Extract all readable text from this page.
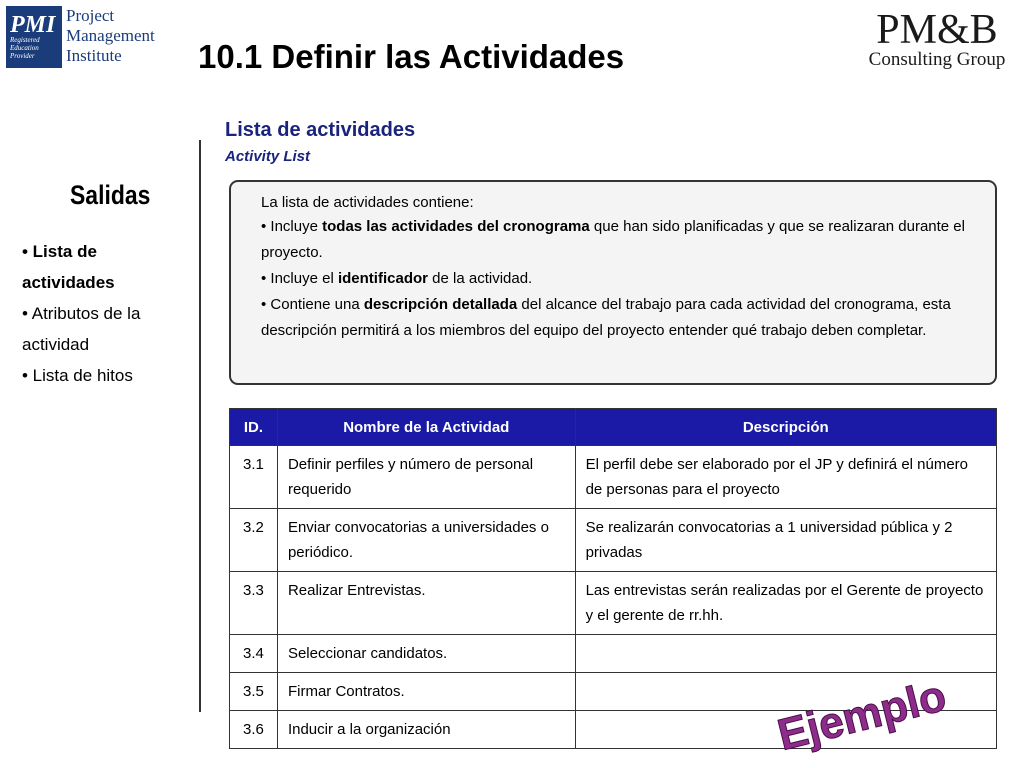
PMI
Registered
Education
Provider
Project
Management
Institute
PM&B
Consulting Group
10.1 Definir las Actividades
Lista de actividades
Activity List
Salidas
• Lista de actividades
• Atributos de la actividad
• Lista de hitos

La lista de actividades contiene:

• Incluye todas las actividades del cronograma que han sido planificadas y que se realizaran durante el proyecto.

• Incluye el identificador de la actividad.

• Contiene una descripción detallada del alcance del trabajo para cada actividad del cronograma, esta descripción permitirá a los miembros del equipo del proyecto entender qué trabajo deben completar.

ID.	Nombre de la Actividad	Descripción
3.1	Definir perfiles y número de personal requerido	El perfil debe ser elaborado por el JP y definirá el número de personas para el proyecto
3.2	Enviar convocatorias a universidades o periódico.	Se realizarán convocatorias a 1 universidad pública y 2 privadas
3.3	Realizar Entrevistas.	Las entrevistas serán realizadas por el Gerente de proyecto y el gerente de rr.hh.
3.4	Seleccionar candidatos.	
3.5	Firmar Contratos.	
3.6	Inducir a la organización		Ejemplo
